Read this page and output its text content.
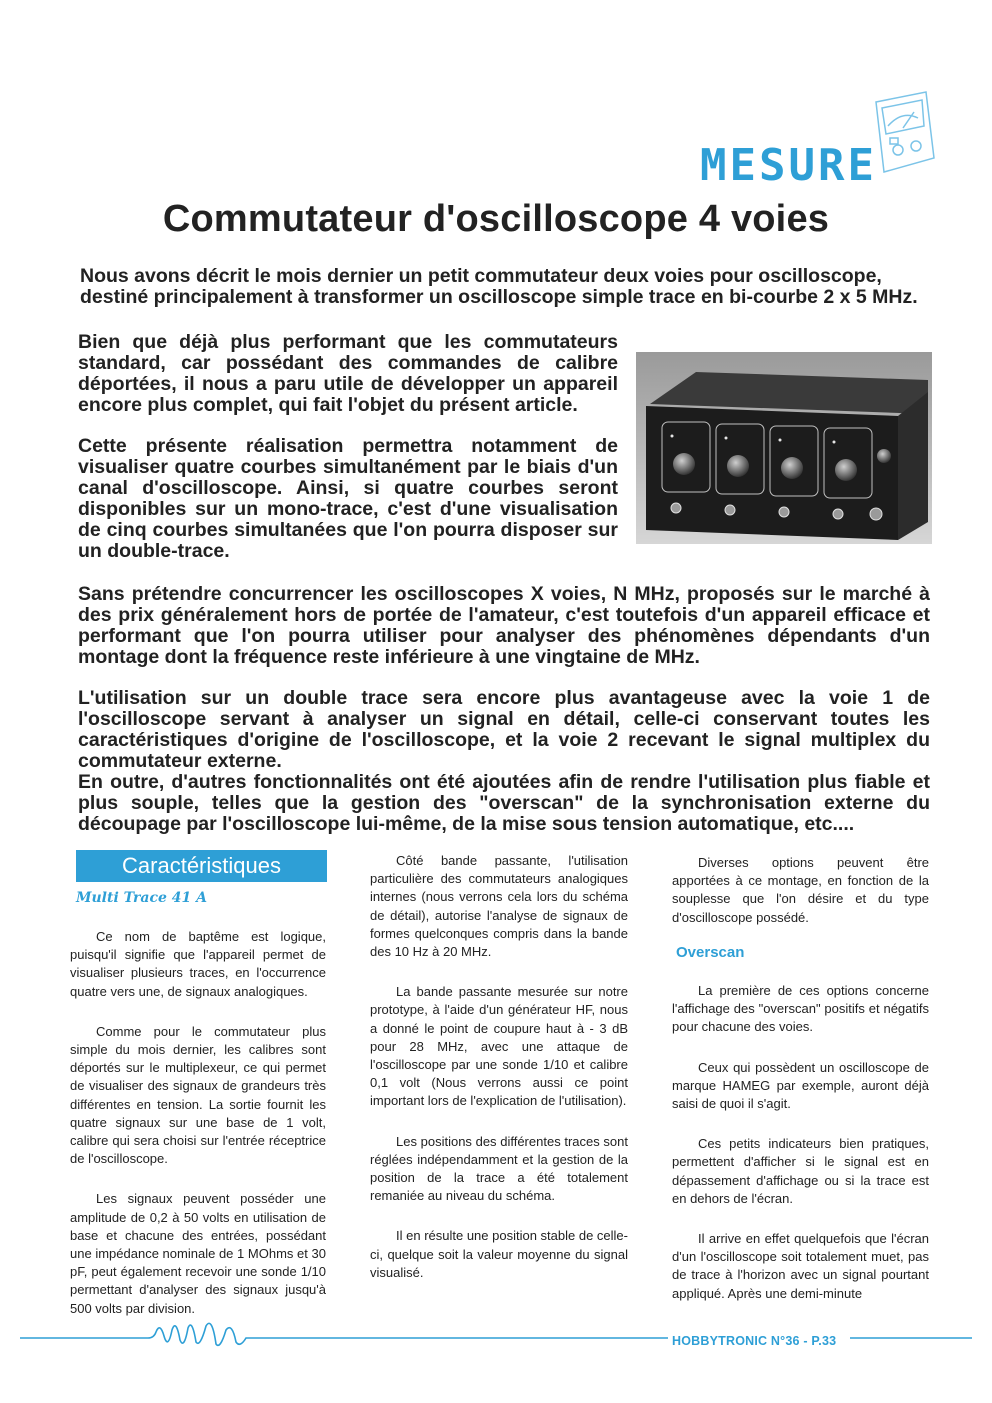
MESURE
Commutateur d'oscilloscope 4 voies

Nous avons décrit le mois dernier un petit commutateur deux voies pour oscilloscope, destiné principalement à transformer un oscilloscope simple trace en bi-courbe 2 x 5 MHz.

Bien que déjà plus performant que les commutateurs standard, car possédant des commandes de calibre déportées, il nous a paru utile de développer un appareil encore plus complet, qui fait l'objet du présent article.

Cette présente réalisation permettra notamment de visualiser quatre courbes simultanément par le biais d'un canal d'oscilloscope. Ainsi, si quatre courbes seront disponibles sur un mono-trace, c'est d'une visualisation de cinq courbes simultanées que l'on pourra disposer sur un double-trace.

Sans prétendre concurrencer les oscilloscopes X voies, N MHz, proposés sur le marché à des prix généralement hors de portée de l'amateur, c'est toutefois d'un appareil efficace et performant que l'on pourra utiliser pour analyser des phénomènes dépendants d'un montage dont la fréquence reste inférieure à une vingtaine de MHz.

L'utilisation sur un double trace sera encore plus avantageuse avec la voie 1 de l'oscilloscope servant à analyser un signal en détail, celle-ci conservant toutes les caractéristiques d'origine de l'oscilloscope, et la voie 2 recevant le signal multiplex du commutateur externe.

En outre, d'autres fonctionnalités ont été ajoutées afin de rendre l'utilisation plus fiable et plus souple, telles que la gestion des "overscan" de la synchronisation externe du découpage par l'oscilloscope lui-même, de la mise sous tension automatique, etc....

Caractéristiques
Multi Trace 41 A

Ce nom de baptême est logique, puisqu'il signifie que l'appareil permet de visualiser plusieurs traces, en l'occurrence quatre vers une, de signaux analogiques.

Comme pour le commutateur plus simple du mois dernier, les calibres sont déportés sur le multiplexeur, ce qui permet de visualiser des signaux de grandeurs très différentes en tension. La sortie fournit les quatre signaux sur une base de 1 volt, calibre qui sera choisi sur l'entrée réceptrice de l'oscilloscope.

Les signaux peuvent posséder une amplitude de 0,2 à 50 volts en utilisation de base et chacune des entrées, possédant une impédance nominale de 1 MOhms et 30 pF, peut également recevoir une sonde 1/10 permettant d'analyser des signaux jusqu'à 500 volts par division.

Côté bande passante, l'utilisation particulière des commutateurs analogiques internes (nous verrons cela lors du schéma de détail), autorise l'analyse de signaux de formes quelconques compris dans la bande des 10 Hz à 20 MHz.

La bande passante mesurée sur notre prototype, à l'aide d'un générateur HF, nous a donné le point de coupure haut à - 3 dB pour 28 MHz, avec une attaque de l'oscilloscope par une sonde 1/10 et calibre 0,1 volt (Nous verrons aussi ce point important lors de l'explication de l'utilisation).

Les positions des différentes traces sont réglées indépendamment et la gestion de la position de la trace a été totalement remaniée au niveau du schéma.

Il en résulte une position stable de celle-ci, quelque soit la valeur moyenne du signal visualisé.

Diverses options peuvent être apportées à ce montage, en fonction de la souplesse que l'on désire et du type d'oscilloscope possédé.

Overscan

La première de ces options concerne l'affichage des "overscan" positifs et négatifs pour chacune des voies.

Ceux qui possèdent un oscilloscope de marque HAMEG par exemple, auront déjà saisi de quoi il s'agit.

Ces petits indicateurs bien pratiques, permettent d'afficher si le signal est en dépassement d'affichage ou si la trace est en dehors de l'écran.

Il arrive en effet quelquefois que l'écran d'un l'oscilloscope soit totalement muet, pas de trace à l'horizon avec un signal pourtant appliqué. Après une demi-minute

HOBBYTRONIC N°36 - P.33
